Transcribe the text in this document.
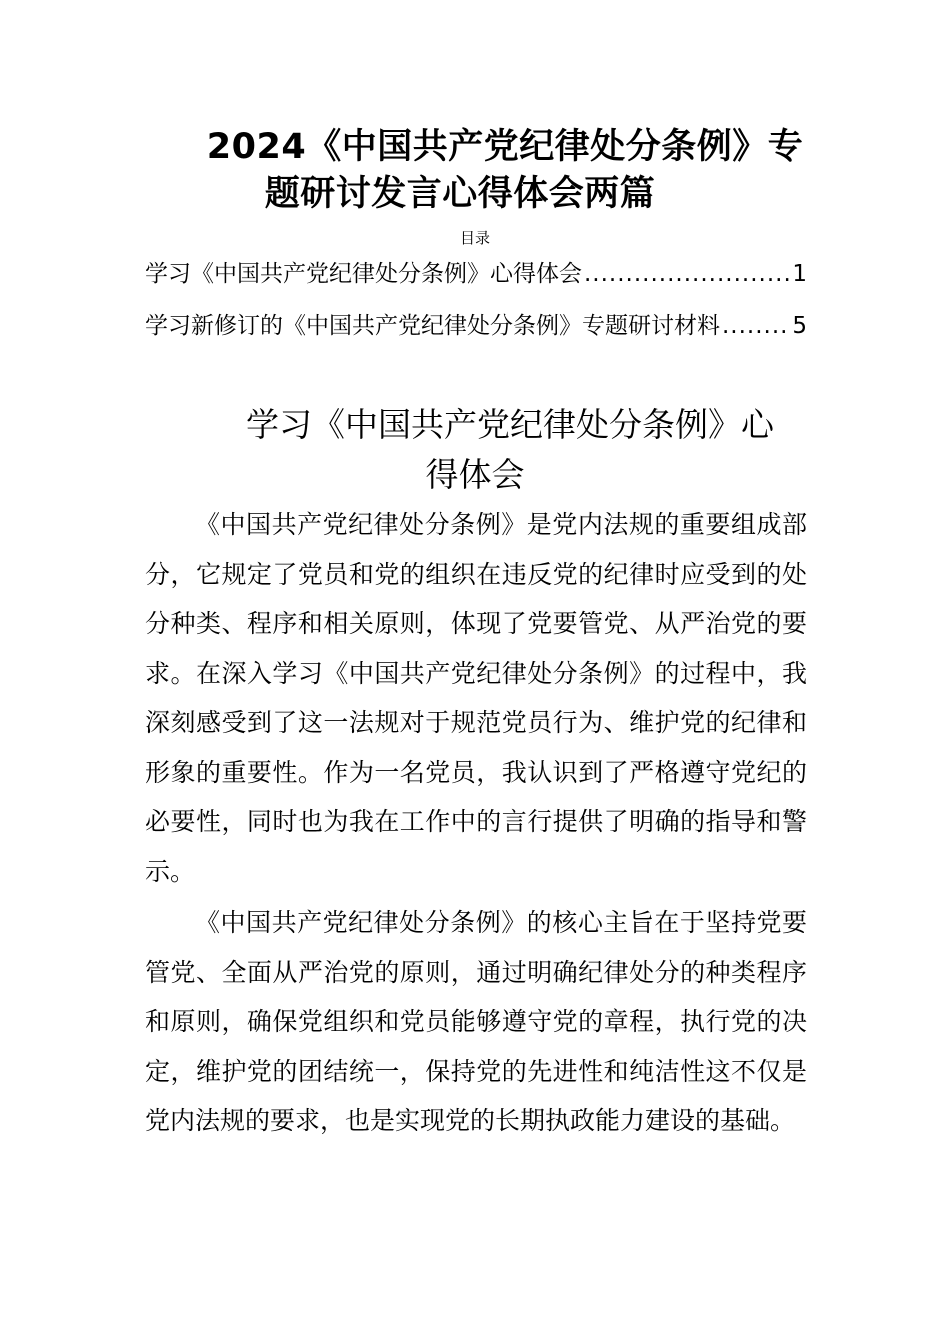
2024《中国共产党纪律处分条例》专
题研讨发言心得体会两篇
目录
学习《中国共产党纪律处分条例》心得体会 .....	1
学习新修订的《中国共产党纪律处分条例》专题研讨材料 .....	5
学习《中国共产党纪律处分条例》心
得体会

《中国共产党纪律处分条例》是党内法规的重要组成部分，它规定了党员和党的组织在违反党的纪律时应受到的处分种类、程序和相关原则，体现了党要管党、从严治党的要求。在深入学习《中国共产党纪律处分条例》的过程中，我深刻感受到了这一法规对于规范党员行为、维护党的纪律和形象的重要性。作为一名党员，我认识到了严格遵守党纪的必要性，同时也为我在工作中的言行提供了明确的指导和警示。

《中国共产党纪律处分条例》的核心主旨在于坚持党要管党、全面从严治党的原则，通过明确纪律处分的种类程序和原则，确保党组织和党员能够遵守党的章程，执行党的决定，维护党的团结统一，保持党的先进性和纯洁性这不仅是党内法规的要求，也是实现党的长期执政能力建设的基础。
